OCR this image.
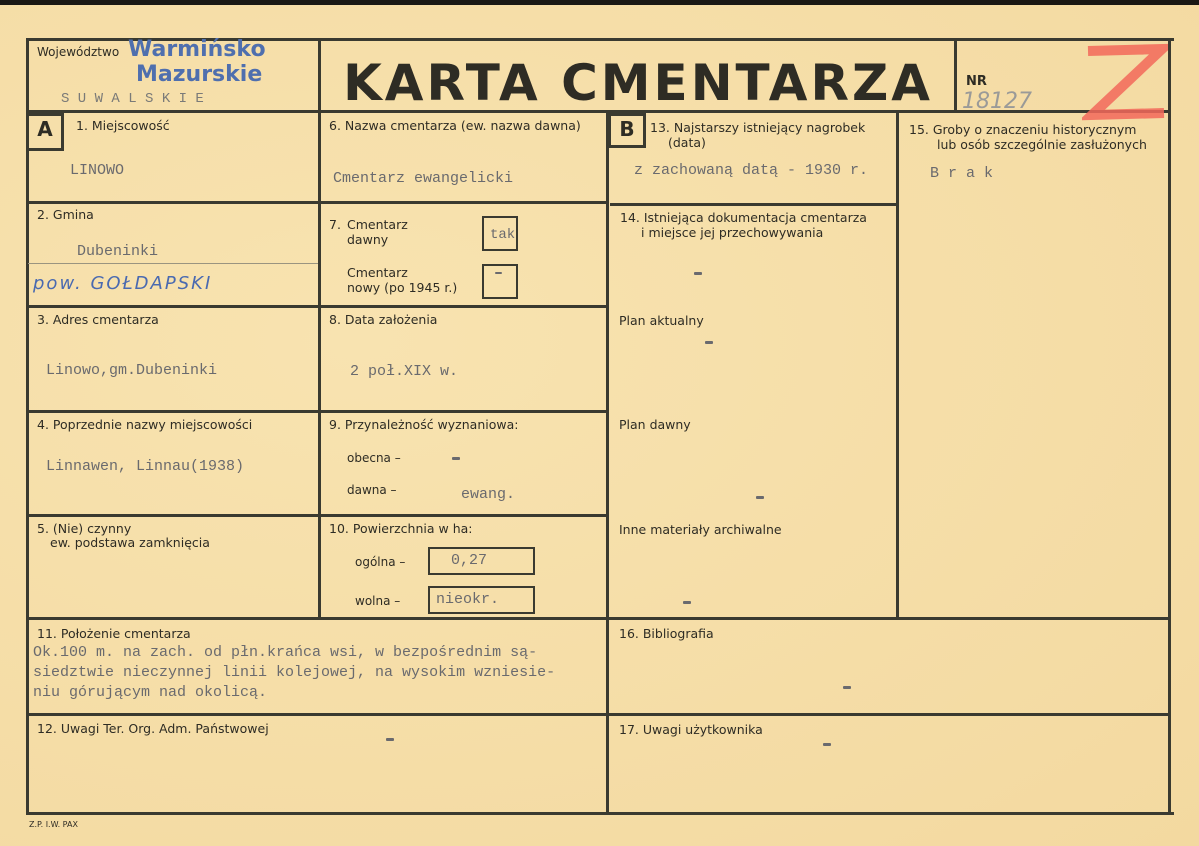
Województwo Warmińsko
Mazurskie
S U W A L S K I E	KARTA CMENTARZA	NR
18127
A	B
1. Miejscowość
LINOWO
2. Gmina
Dubeninki
pow. GOŁDAPSKI
3. Adres cmentarza
Linowo,gm.Dubeninki
4. Poprzednie nazwy miejscowości
Linnawen, Linnau(1938)
5. (Nie) czynny
ew. podstawa zamknięcia
6. Nazwa cmentarza (ew. nazwa dawna)
Cmentarz ewangelicki
7. Cmentarz
dawny	tak
Cmentarz
nowy (po 1945 r.)
8. Data założenia
2 poł.XIX w.
9. Przynależność wyznaniowa:
obecna –
dawna –	ewang.
10. Powierzchnia w ha:
ogólna –	0,27
wolna – nieokr.
11. Położenie cmentarza
Ok.100 m. na zach. od płn.krańca wsi, w bezpośrednim są-
siedztwie nieczynnej linii kolejowej, na wysokim wzniesie-
niu górującym nad okolicą.
12. Uwagi Ter. Org. Adm. Państwowej
13. Najstarszy istniejący nagrobek
(data)
z zachowaną datą - 1930 r.
14. Istniejąca dokumentacja cmentarza
i miejsce jej przechowywania
Plan aktualny
Plan dawny
Inne materiały archiwalne
15. Groby o znaczeniu historycznym
lub osób szczególnie zasłużonych
B r a k
16. Bibliografia
17. Uwagi użytkownika
Z.P. I.W. PAX
